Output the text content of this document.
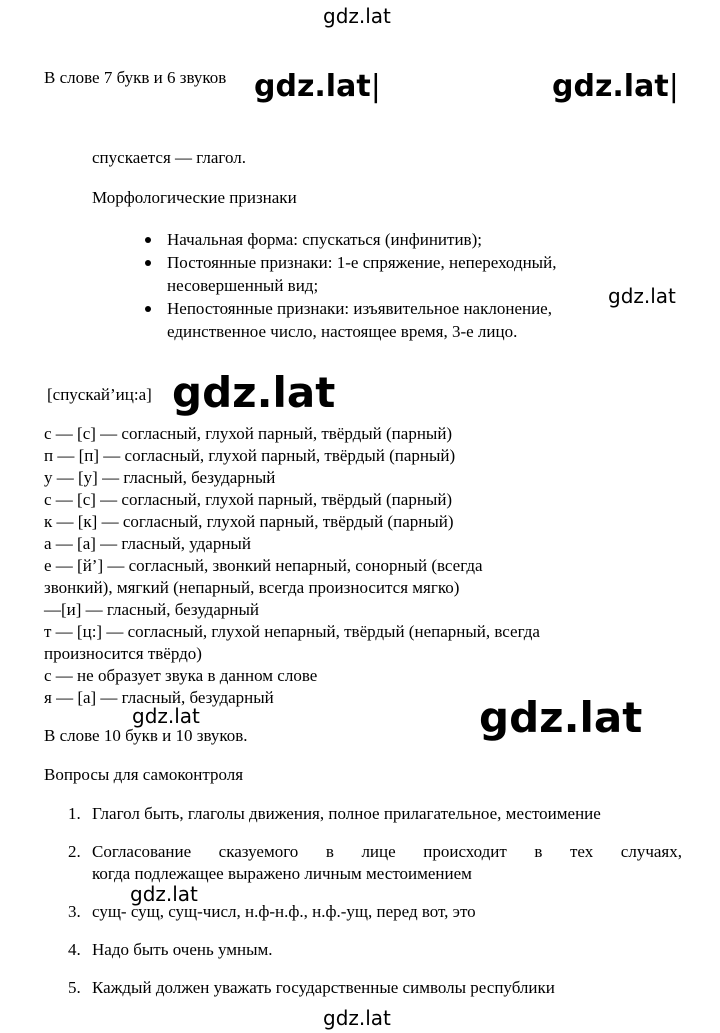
gdz.lat
В слове 7 букв и 6 звуков gdz.lat|	gdz.lat|
спускается — глагол.
Морфологические признаки
Начальная форма: спускаться (инфинитив);
Постоянные признаки: 1-е спряжение, непереходный,
несовершенный вид;
Непостоянные признаки: изъявительное наклонение,
единственное число, настоящее время, 3-е лицо.
gdz.lat
[спускай’иц:а] gdz.lat
с — [с] — согласный, глухой парный, твёрдый (парный)
п — [п] — согласный, глухой парный, твёрдый (парный)
у — [у] — гласный, безударный
с — [с] — согласный, глухой парный, твёрдый (парный)
к — [к] — согласный, глухой парный, твёрдый (парный)
а — [а] — гласный, ударный
е — [й’] — согласный, звонкий непарный, сонорный (всегда
звонкий), мягкий (непарный, всегда произносится мягко)
—[и] — гласный, безударный
т — [ц:] — согласный, глухой непарный, твёрдый (непарный, всегда
произносится твёрдо)
с — не образует звука в данном слове
я — [а] — гласный, безударный
gdz.lat	gdz.lat
В слове 10 букв и 10 звуков.
Вопросы для самоконтроля
1. Глагол быть, глаголы движения, полное прилагательное, местоимение
2. Согласование сказуемого в лице происходит в тех случаях,
когда подлежащее выражено личным местоимением
gdz.lat
3. сущ- сущ, сущ-числ, н.ф-н.ф., н.ф.-ущ, перед вот, это
4. Надо быть очень умным.
5. Каждый должен уважать государственные символы республики
gdz.lat
